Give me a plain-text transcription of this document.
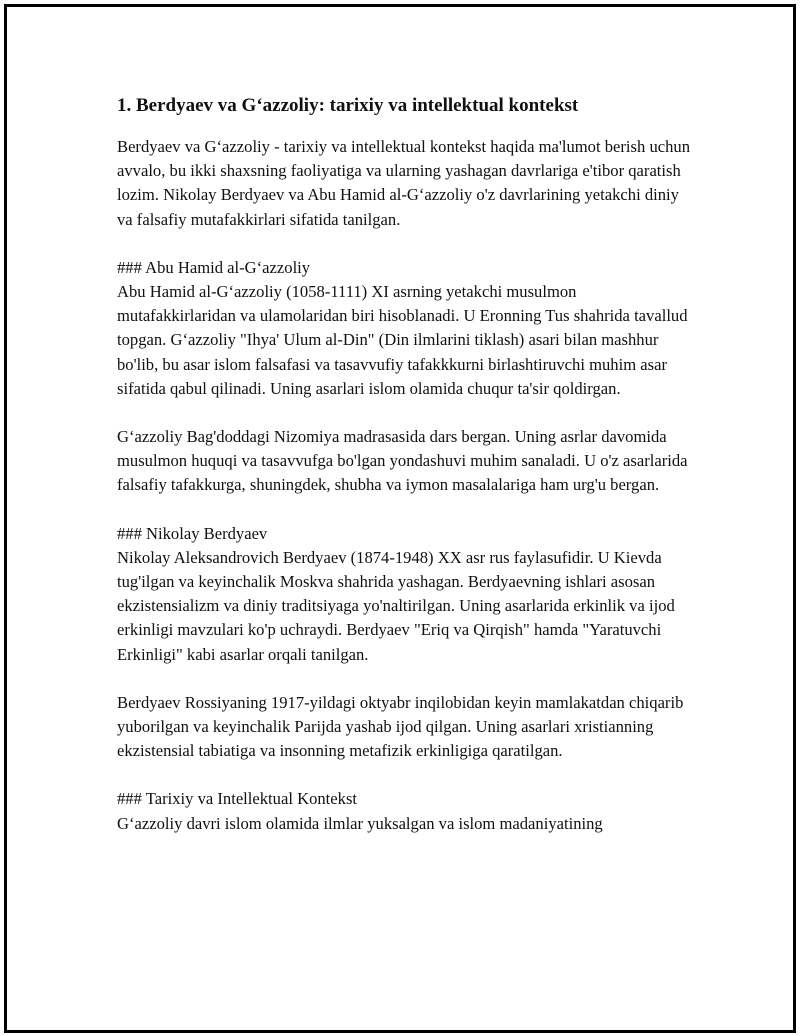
1. Berdyaev va G‘azzoliy: tarixiy va intellektual kontekst

Berdyaev va G‘azzoliy - tarixiy va intellektual kontekst haqida ma'lumot berish uchun avvalo, bu ikki shaxsning faoliyatiga va ularning yashagan davrlariga e'tibor qaratish lozim. Nikolay Berdyaev va Abu Hamid al-G‘azzoliy o'z davrlarining yetakchi diniy va falsafiy mutafakkirlari sifatida tanilgan.

### Abu Hamid al-G‘azzoliy

Abu Hamid al-G‘azzoliy (1058-1111) XI asrning yetakchi musulmon mutafakkirlaridan va ulamolaridan biri hisoblanadi. U Eronning Tus shahrida tavallud topgan. G‘azzoliy "Ihya' Ulum al-Din" (Din ilmlarini tiklash) asari bilan mashhur bo'lib, bu asar islom falsafasi va tasavvufiy tafakkkurni birlashtiruvchi muhim asar sifatida qabul qilinadi. Uning asarlari islom olamida chuqur ta'sir qoldirgan.

G‘azzoliy Bag'doddagi Nizomiya madrasasida dars bergan. Uning asrlar davomida musulmon huquqi va tasavvufga bo'lgan yondashuvi muhim sanaladi. U o'z asarlarida falsafiy tafakkurga, shuningdek, shubha va iymon masalalariga ham urg'u bergan.

### Nikolay Berdyaev

Nikolay Aleksandrovich Berdyaev (1874-1948) XX asr rus faylasufidir. U Kievda tug'ilgan va keyinchalik Moskva shahrida yashagan. Berdyaevning ishlari asosan ekzistensializm va diniy traditsiyaga yo'naltirilgan. Uning asarlarida erkinlik va ijod erkinligi mavzulari ko'p uchraydi. Berdyaev "Eriq va Qirqish" hamda "Yaratuvchi Erkinligi" kabi asarlar orqali tanilgan.

Berdyaev Rossiyaning 1917-yildagi oktyabr inqilobidan keyin mamlakatdan chiqarib yuborilgan va keyinchalik Parijda yashab ijod qilgan. Uning asarlari xristianning ekzistensial tabiatiga va insonning metafizik erkinligiga qaratilgan.

### Tarixiy va Intellektual Kontekst

G‘azzoliy davri islom olamida ilmlar yuksalgan va islom madaniyatining
